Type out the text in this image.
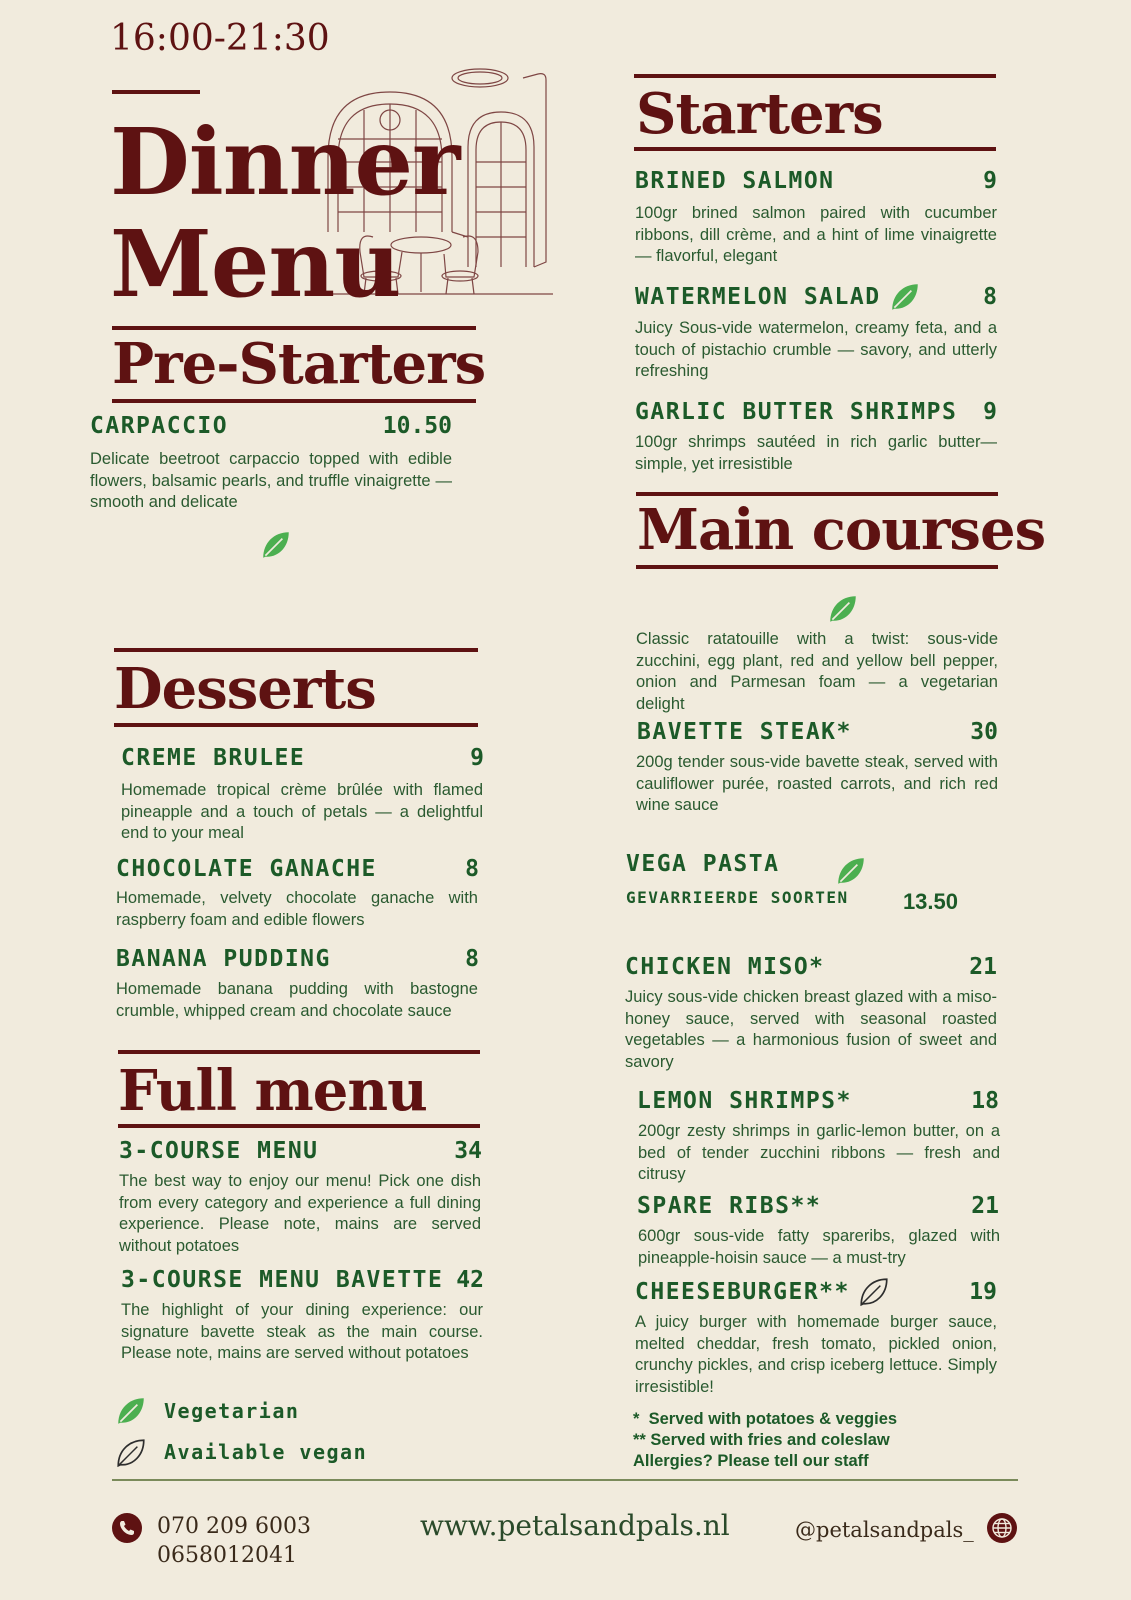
16:00-21:30
Dinner
Menu
Pre-Starters
CARPACCIO	10.50
Delicate beetroot carpaccio topped with edible flowers, balsamic pearls, and truffle vinaigrette — smooth and delicate
Desserts
CREME BRULEE	9
Homemade tropical crème brûlée with flamed pineapple and a touch of petals — a delightful end to your meal
CHOCOLATE GANACHE	8
Homemade, velvety chocolate ganache with raspberry foam and edible flowers
BANANA PUDDING	8
Homemade banana pudding with bastogne crumble, whipped cream and chocolate sauce
Full menu
3-COURSE MENU	34
The best way to enjoy our menu! Pick one dish from every category and experience a full dining experience. Please note, mains are served without potatoes
3-COURSE MENU BAVETTE 42
The highlight of your dining experience: our signature bavette steak as the main course. Please note, mains are served without potatoes
Vegetarian
Available vegan
Starters
BRINED SALMON	9
100gr brined salmon paired with cucumber ribbons, dill crème, and a hint of lime vinaigrette — flavorful, elegant
WATERMELON SALAD	8
Juicy Sous-vide watermelon, creamy feta, and a touch of pistachio crumble — savory, and utterly refreshing
GARLIC BUTTER SHRIMPS	9
100gr shrimps sautéed in rich garlic butter— simple, yet irresistible
Main courses
Classic ratatouille with a twist: sous-vide zucchini, egg plant, red and yellow bell pepper, onion and Parmesan foam — a vegetarian delight
BAVETTE STEAK*	30
200g tender sous-vide bavette steak, served with cauliflower purée, roasted carrots, and rich red wine sauce
VEGA PASTA
GEVARRIEERDE SOORTEN 13.50
CHICKEN MISO*	21
Juicy sous-vide chicken breast glazed with a miso-honey sauce, served with seasonal roasted vegetables — a harmonious fusion of sweet and savory
LEMON SHRIMPS*	18
200gr zesty shrimps in garlic-lemon butter, on a bed of tender zucchini ribbons — fresh and citrusy
SPARE RIBS**	21
600gr sous-vide fatty spareribs, glazed with pineapple-hoisin sauce — a must-try
CHEESEBURGER**	19
A juicy burger with homemade burger sauce, melted cheddar, fresh tomato, pickled onion, crunchy pickles, and crisp iceberg lettuce. Simply irresistible!
*  Served with potatoes & veggies
** Served with fries and coleslaw
Allergies? Please tell our staff
070 209 6003
0658012041
www.petalsandpals.nl	@petalsandpals_
